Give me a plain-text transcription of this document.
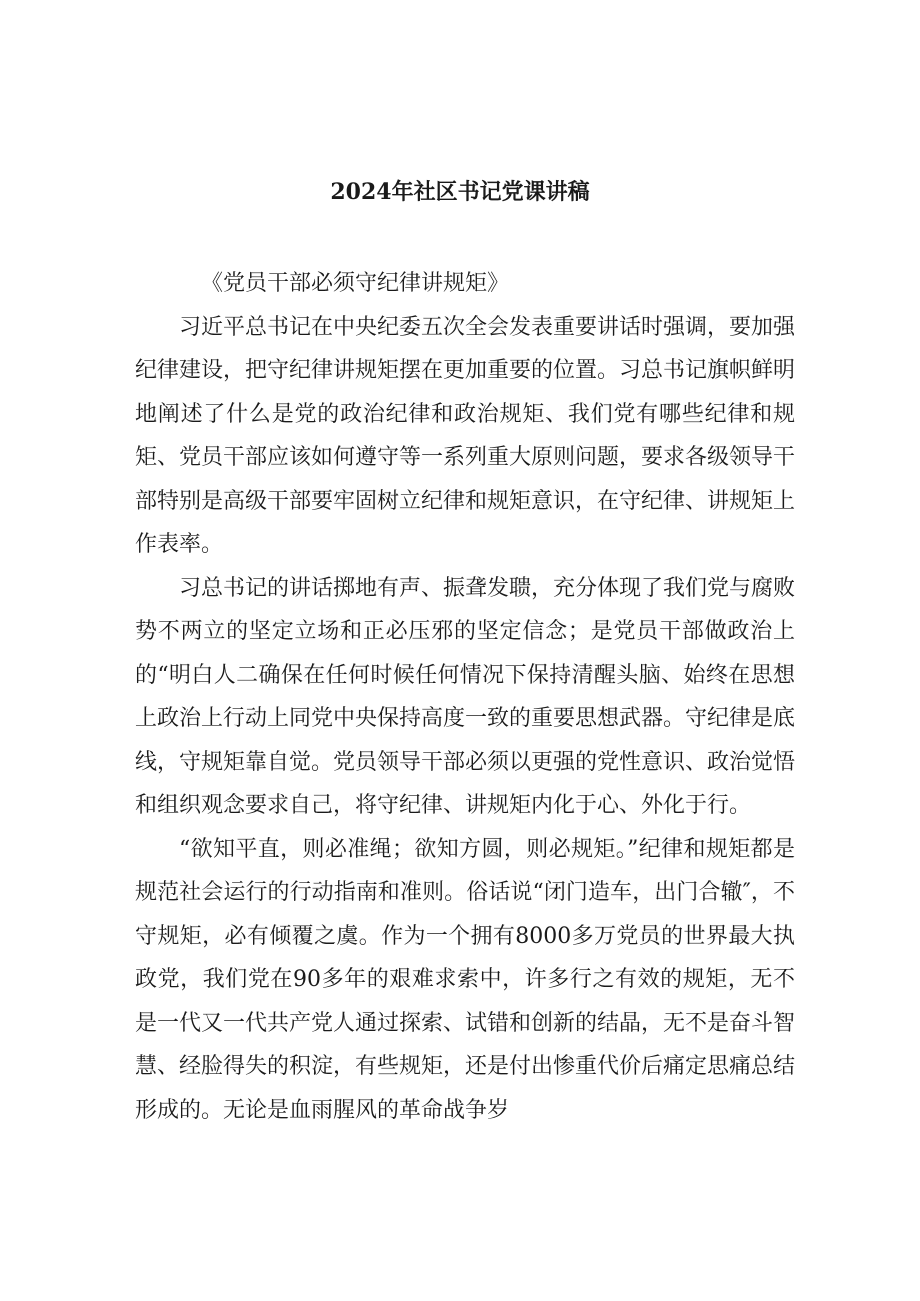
2024年社区书记党课讲稿

《党员干部必须守纪律讲规矩》

习近平总书记在中央纪委五次全会发表重要讲话时强调，要加强纪律建设，把守纪律讲规矩摆在更加重要的位置。习总书记旗帜鲜明地阐述了什么是党的政治纪律和政治规矩、我们党有哪些纪律和规矩、党员干部应该如何遵守等一系列重大原则问题，要求各级领导干部特别是高级干部要牢固树立纪律和规矩意识，在守纪律、讲规矩上作表率。

习总书记的讲话掷地有声、振聋发聩，充分体现了我们党与腐败势不两立的坚定立场和正必压邪的坚定信念；是党员干部做政治上的“明白人二确保在任何时候任何情况下保持清醒头脑、始终在思想上政治上行动上同党中央保持高度一致的重要思想武器。守纪律是底线，守规矩靠自觉。党员领导干部必须以更强的党性意识、政治觉悟和组织观念要求自己，将守纪律、讲规矩内化于心、外化于行。

“欲知平直，则必准绳；欲知方圆，则必规矩。”纪律和规矩都是规范社会运行的行动指南和准则。俗话说“闭门造车，出门合辙″，不守规矩，必有倾覆之虞。作为一个拥有8000多万党员的世界最大执政党，我们党在90多年的艰难求索中，许多行之有效的规矩，无不是一代又一代共产党人通过探索、试错和创新的结晶，无不是奋斗智慧、经脸得失的积淀，有些规矩，还是付出惨重代价后痛定思痛总结形成的。无论是血雨腥风的革命战争岁
